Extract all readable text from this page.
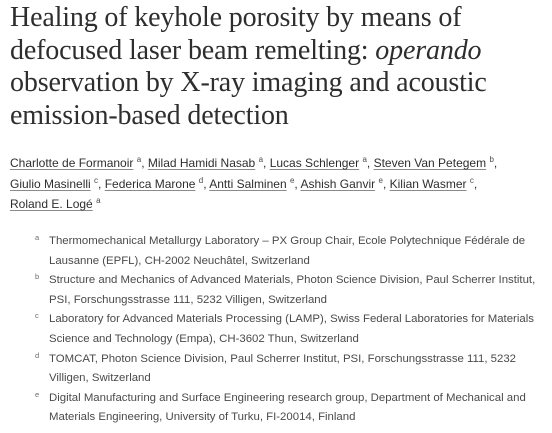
Healing of keyhole porosity by means of defocused laser beam remelting: operando observation by X-ray imaging and acoustic emission-based detection
Charlotte de Formanoir $^a$, Milad Hamidi Nasab $^a$, Lucas Schlenger $^a$, Steven Van Petegem $^b$,
Giulio Masinelli $^c$, Federica Marone $^d$, Antti Salminen $^e$, Ashish Ganvir $^e$, Kilian Wasmer $^c$,
Roland E. Logé $^a$
a Thermomechanical Metallurgy Laboratory – PX Group Chair, Ecole Polytechnique Fédérale de Lausanne (EPFL), CH-2002 Neuchâtel, Switzerland
b Structure and Mechanics of Advanced Materials, Photon Science Division, Paul Scherrer Institut, PSI, Forschungsstrasse 111, 5232 Villigen, Switzerland
c Laboratory for Advanced Materials Processing (LAMP), Swiss Federal Laboratories for Materials Science and Technology (Empa), CH-3602 Thun, Switzerland
d TOMCAT, Photon Science Division, Paul Scherrer Institut, PSI, Forschungsstrasse 111, 5232 Villigen, Switzerland
e Digital Manufacturing and Surface Engineering research group, Department of Mechanical and Materials Engineering, University of Turku, FI-20014, Finland
